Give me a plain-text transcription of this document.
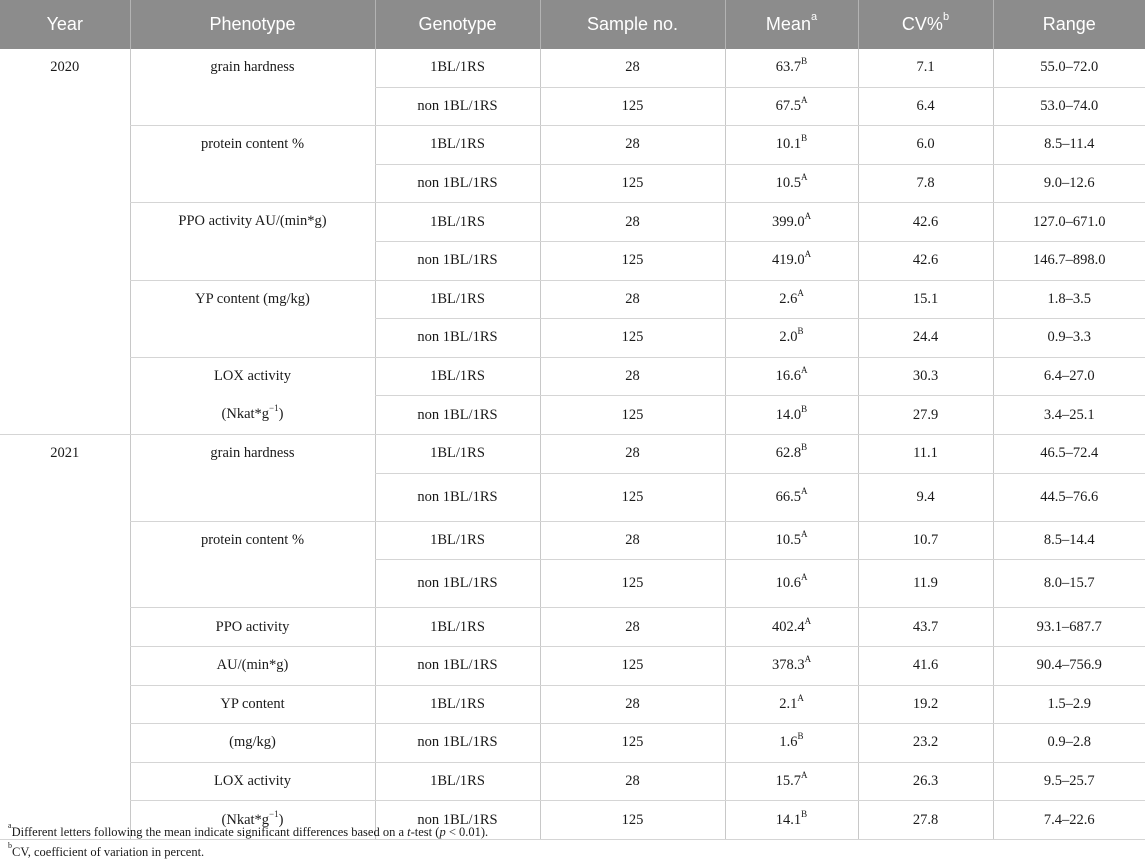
Year	Phenotype	Genotype	Sample no.	Mean$^a$	CV%$^b$	Range
2020	grain hardness	1BL/1RS	28	$63.7^B$	7.1	55.0–72.0
		non 1BL/1RS	125	$67.5^A$	6.4	53.0–74.0
	protein content %	1BL/1RS	28	$10.1^B$	6.0	8.5–11.4
		non 1BL/1RS	125	$10.5^A$	7.8	9.0–12.6
	PPO activity AU/(min*g)	1BL/1RS	28	$399.0^A$	42.6	127.0–671.0
		non 1BL/1RS	125	$419.0^A$	42.6	146.7–898.0
	YP content (mg/kg)	1BL/1RS	28	$2.6^A$	15.1	1.8–3.5
		non 1BL/1RS	125	$2.0^B$	24.4	0.9–3.3
	LOX activity	1BL/1RS	28	$16.6^A$	30.3	6.4–27.0
	$(Nkat*g^{-1})$	non 1BL/1RS	125	$14.0^B$	27.9	3.4–25.1
2021	grain hardness	1BL/1RS	28	$62.8^B$	11.1	46.5–72.4
		non 1BL/1RS	125	$66.5^A$	9.4	44.5–76.6
	protein content %	1BL/1RS	28	$10.5^A$	10.7	8.5–14.4
		non 1BL/1RS	125	$10.6^A$	11.9	8.0–15.7
	PPO activity	1BL/1RS	28	$402.4^A$	43.7	93.1–687.7
	AU/(min*g)	non 1BL/1RS	125	$378.3^A$	41.6	90.4–756.9
	YP content	1BL/1RS	28	$2.1^A$	19.2	1.5–2.9
	(mg/kg)	non 1BL/1RS	125	$1.6^B$	23.2	0.9–2.8
	LOX activity	1BL/1RS	28	$15.7^A$	26.3	9.5–25.7
	$(Nkat*g^{-1})$	non 1BL/1RS	125	$14.1^B$	27.8	7.4–22.6
$^a$Different letters following the mean indicate significant differences based on a t-test (p < 0.01).
$^b$CV, coefficient of variation in percent.
